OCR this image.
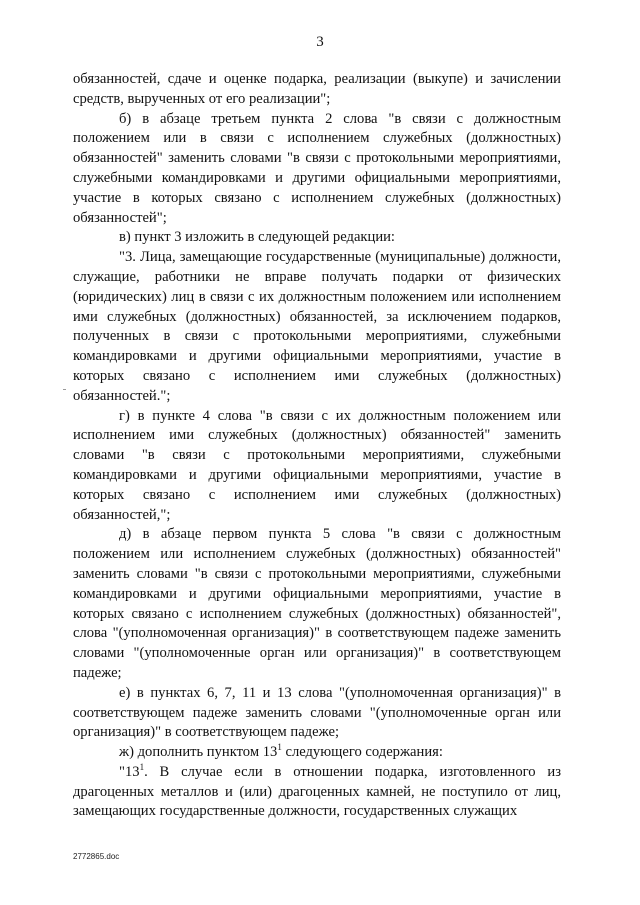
3

обязанностей, сдаче и оценке подарка, реализации (выкупе) и зачислении средств, вырученных от его реализации";

б) в абзаце третьем пункта 2 слова "в связи с должностным положением или в связи с исполнением служебных (должностных) обязанностей" заменить словами "в связи с протокольными мероприятиями, служебными командировками и другими официальными мероприятиями, участие в которых связано с исполнением служебных (должностных) обязанностей";

в) пункт 3 изложить в следующей редакции:

"3. Лица, замещающие государственные (муниципальные) должности, служащие, работники не вправе получать подарки от физических (юридических) лиц в связи с их должностным положением или исполнением ими служебных (должностных) обязанностей, за исключением подарков, полученных в связи с протокольными мероприятиями, служебными командировками и другими официальными мероприятиями, участие в которых связано с исполнением ими служебных (должностных) обязанностей.";

г) в пункте 4 слова "в связи с их должностным положением или исполнением ими служебных (должностных) обязанностей" заменить словами "в связи с протокольными мероприятиями, служебными командировками и другими официальными мероприятиями, участие в которых связано с исполнением ими служебных (должностных) обязанностей,";

д) в абзаце первом пункта 5 слова "в связи с должностным положением или исполнением служебных (должностных) обязанностей" заменить словами "в связи с протокольными мероприятиями, служебными командировками и другими официальными мероприятиями, участие в которых связано с исполнением служебных (должностных) обязанностей", слова "(уполномоченная организация)" в соответствующем падеже заменить словами "(уполномоченные орган или организация)" в соответствующем падеже;

е) в пунктах 6, 7, 11 и 13 слова "(уполномоченная организация)" в соответствующем падеже заменить словами "(уполномоченные орган или организация)" в соответствующем падеже;

ж) дополнить пунктом $13^1$ следующего содержания:

"$13^1$. В случае если в отношении подарка, изготовленного из драгоценных металлов и (или) драгоценных камней, не поступило от лиц, замещающих государственные должности, государственных служащих

2772865.doc
